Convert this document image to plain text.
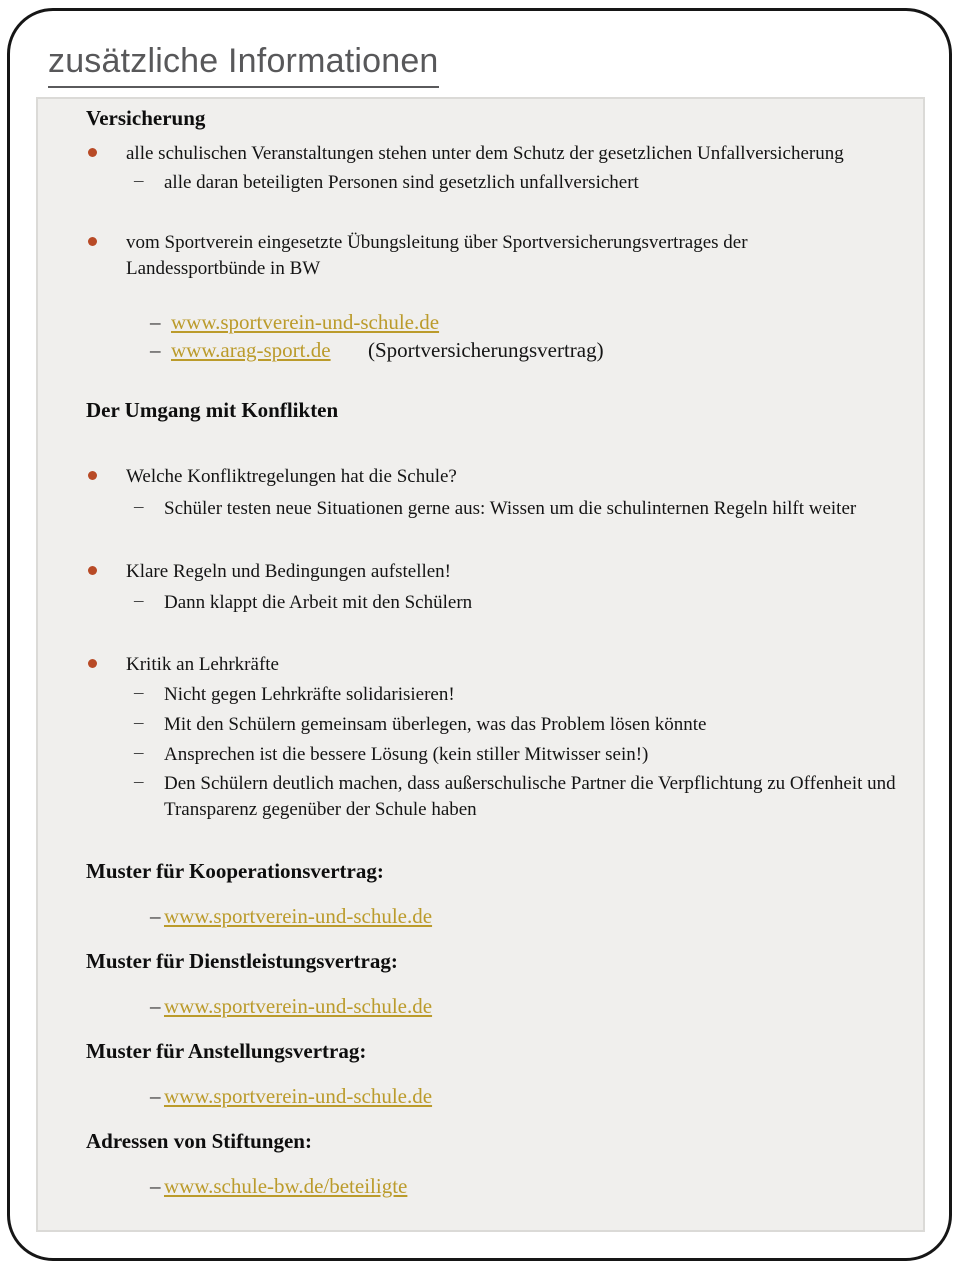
zusätzliche Informationen
Versicherung
alle schulischen Veranstaltungen stehen unter dem Schutz der gesetzlichen Unfallversicherung
–
alle daran beteiligten Personen sind gesetzlich unfallversichert
vom Sportverein eingesetzte Übungsleitung über Sportversicherungsvertrages der Landessportbünde in BW
–
www.sportverein-und-schule.de
–
www.arag-sport.de (Sportversicherungsvertrag)
Der Umgang mit Konflikten
Welche Konfliktregelungen hat die Schule?
–
Schüler testen neue Situationen gerne aus: Wissen um die schulinternen Regeln hilft weiter
Klare Regeln und Bedingungen aufstellen!
–
Dann klappt die Arbeit mit den Schülern
Kritik an Lehrkräfte
–
Nicht gegen Lehrkräfte solidarisieren!
–
Mit den Schülern gemeinsam überlegen, was das Problem lösen könnte
–
Ansprechen ist die bessere Lösung (kein stiller Mitwisser sein!)
–
Den Schülern deutlich machen, dass außerschulische Partner die Verpflichtung zu Offenheit und Transparenz gegenüber der Schule haben
Muster für Kooperationsvertrag:
–
www.sportverein-und-schule.de
Muster für Dienstleistungsvertrag:
–
www.sportverein-und-schule.de
Muster für Anstellungsvertrag:
–
www.sportverein-und-schule.de
Adressen von Stiftungen:
–
www.schule-bw.de/beteiligte
